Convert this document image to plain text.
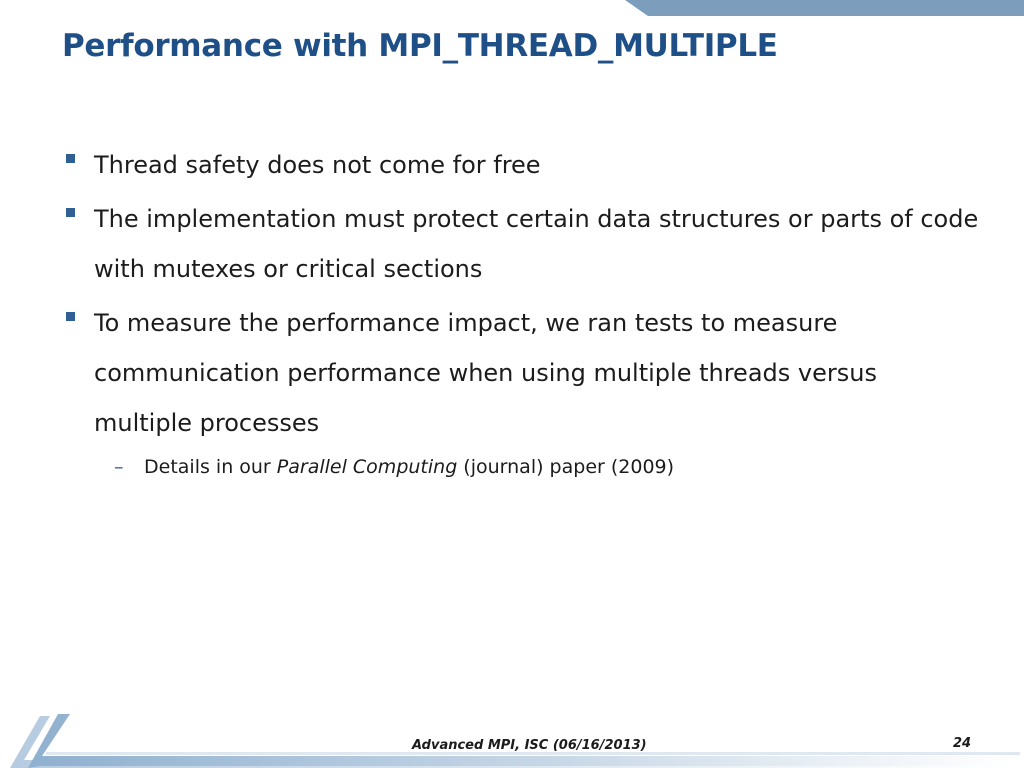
Performance with MPI_THREAD_MULTIPLE
Thread safety does not come for free
The implementation must protect certain data structures or parts of code with mutexes or critical sections
To measure the performance impact, we ran tests to measure communication performance when using multiple threads versus multiple processes
– Details in our Parallel Computing (journal) paper (2009)
Advanced MPI, ISC (06/16/2013)	24
